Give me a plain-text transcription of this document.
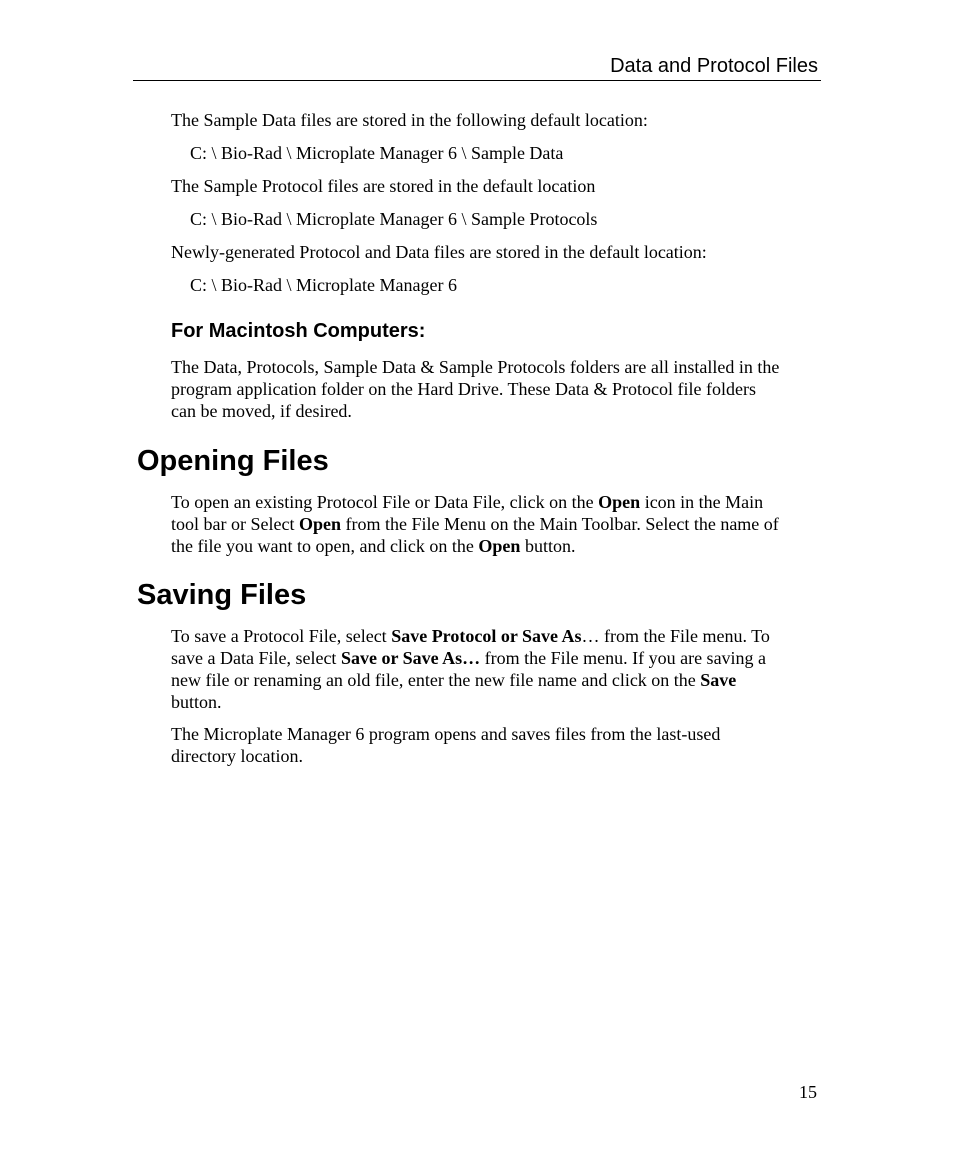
Data and Protocol Files

The Sample Data files are stored in the following default location:

C: \ Bio-Rad \ Microplate Manager 6 \ Sample Data

The Sample Protocol files are stored in the default location

C: \ Bio-Rad \ Microplate Manager 6 \ Sample Protocols

Newly-generated Protocol and Data files are stored in the default location:

C: \ Bio-Rad \ Microplate Manager 6

For Macintosh Computers:
The Data, Protocols, Sample Data & Sample Protocols folders are all installed in the
program application folder on the Hard Drive. These Data & Protocol file folders
can be moved, if desired.
Opening Files
To open an existing Protocol File or Data File, click on the Open icon in the Main
tool bar or Select Open from the File Menu on the Main Toolbar. Select the name of
the file you want to open, and click on the Open button.
Saving Files
To save a Protocol File, select Save Protocol or Save As… from the File menu. To
save a Data File, select Save or Save As… from the File menu. If you are saving a
new file or renaming an old file, enter the new file name and click on the Save
button.
The Microplate Manager 6 program opens and saves files from the last-used
directory location.
15
